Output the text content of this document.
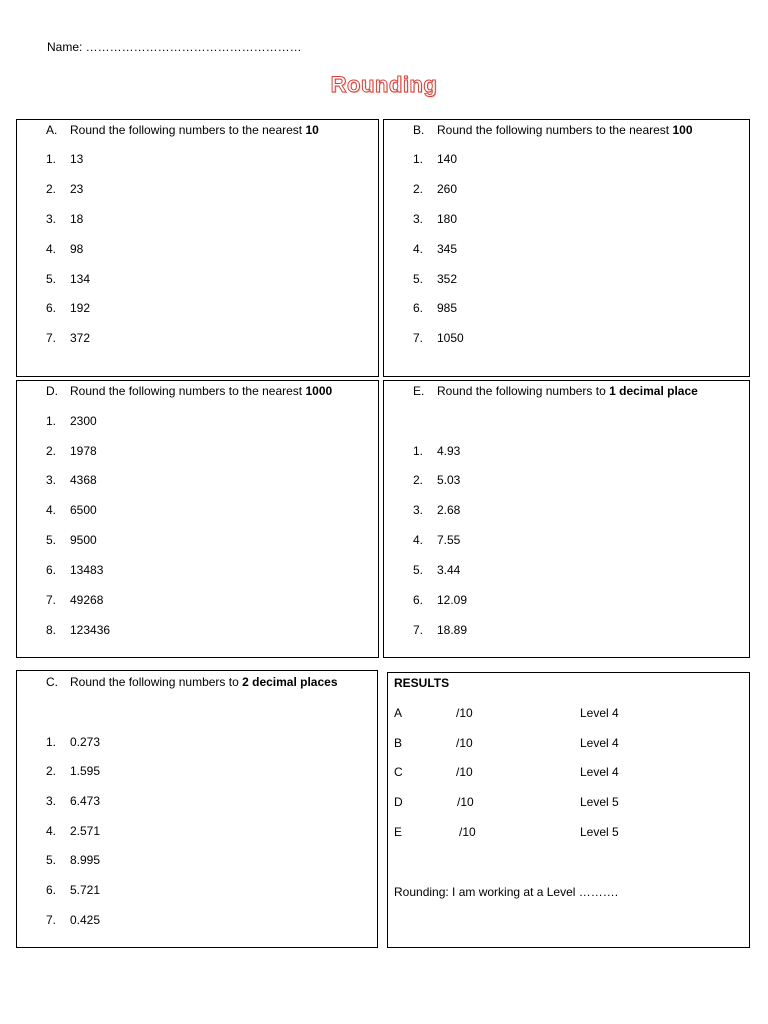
Name: ………………………………………………
Rounding
A. Round the following numbers to the nearest 10
1. 13
2. 23
3. 18
4. 98
5. 134
6. 192
7. 372
B. Round the following numbers to the nearest 100
1. 140
2. 260
3. 180
4. 345
5. 352
6. 985
7. 1050
D. Round the following numbers to the nearest 1000
1. 2300
2. 1978
3. 4368
4. 6500
5. 9500
6. 13483
7. 49268
8. 123436
E. Round the following numbers to 1 decimal place
1. 4.93
2. 5.03
3. 2.68
4. 7.55
5. 3.44
6. 12.09
7. 18.89
C. Round the following numbers to 2 decimal places
1. 0.273
2. 1.595
3. 6.473
4. 2.571
5. 8.995
6. 5.721
7. 0.425
RESULTS
A	/10	Level 4
B	/10	Level 4
C	/10	Level 4
D	/10	Level 5
E	/10	Level 5
Rounding: I am working at a Level ……….
